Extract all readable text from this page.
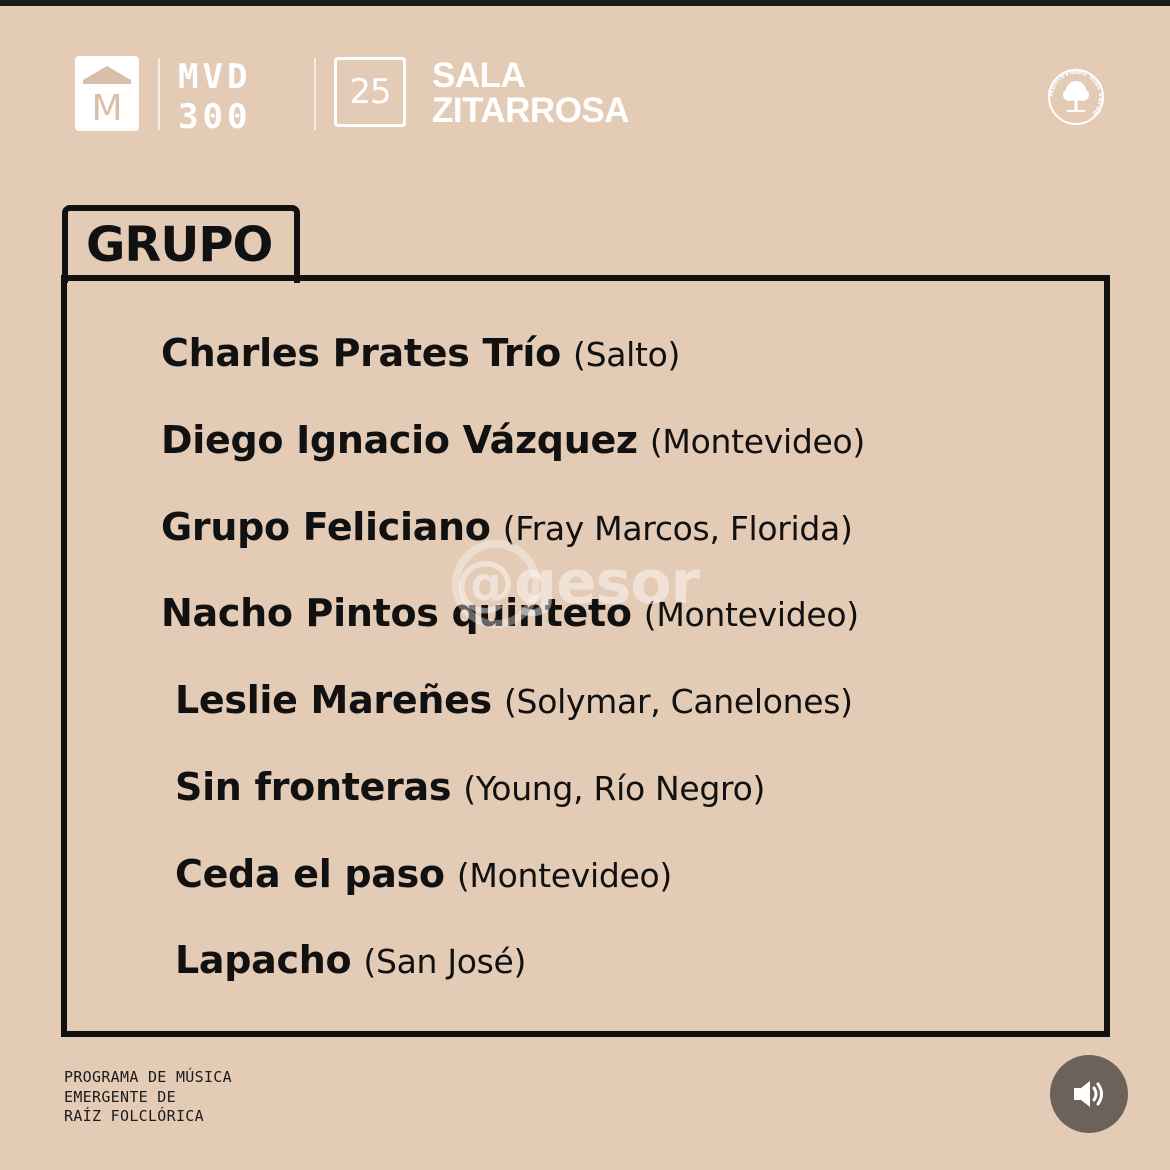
M
MVD
300
25 SALA
ZITARROSA	Montevideo más verde
GRUPO
Charles Prates Trío (Salto)
Diego Ignacio Vázquez (Montevideo)
Grupo Feliciano (Fray Marcos, Florida)
Nacho Pintos quinteto (Montevideo)
Leslie Mareñes (Solymar, Canelones)
Sin fronteras (Young, Río Negro)
Ceda el paso (Montevideo)
Lapacho (San José)
@gesor
PROGRAMA DE MÚSICA
EMERGENTE DE
RAÍZ FOLCLÓRICA
